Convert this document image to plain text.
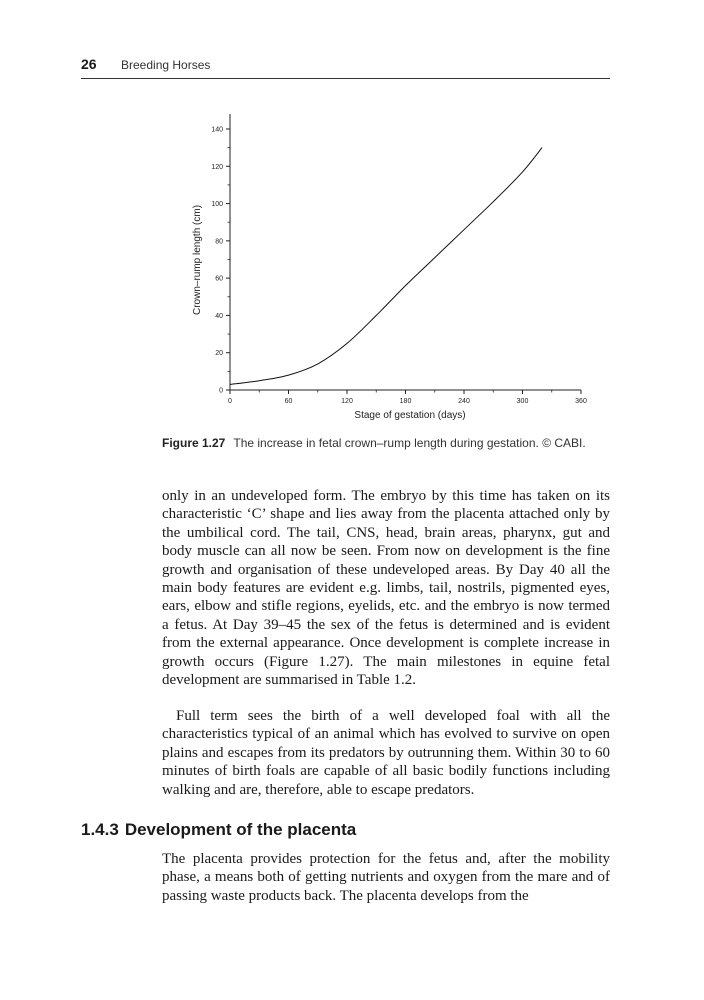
26 Breeding Horses
0	60	120	180	240	300	360
0
20
40
60
80
100
120
140
Stage of gestation (days)
Crown–rump length (cm)
Figure 1.27 The increase in fetal crown–rump length during gestation. © CABI.

only in an undeveloped form. The embryo by this time has taken on its characteristic ‘C’ shape and lies away from the placenta attached only by the umbilical cord. The tail, CNS, head, brain areas, pharynx, gut and body muscle can all now be seen. From now on development is the fine growth and organisation of these undeveloped areas. By Day 40 all the main body features are evident e.g. limbs, tail, nostrils, pigmented eyes, ears, elbow and stifle regions, eyelids, etc. and the embryo is now termed a fetus. At Day 39–45 the sex of the fetus is determined and is evident from the external appearance. Once development is complete increase in growth occurs (Figure 1.27). The main milestones in equine fetal development are summarised in Table 1.2.

Full term sees the birth of a well developed foal with all the characteristics typical of an animal which has evolved to survive on open plains and escapes from its predators by outrunning them. Within 30 to 60 minutes of birth foals are capable of all basic bodily functions including walking and are, therefore, able to escape predators.

1.4.3 Development of the placenta

The placenta provides protection for the fetus and, after the mobility phase, a means both of getting nutrients and oxygen from the mare and of passing waste products back. The placenta develops from the
